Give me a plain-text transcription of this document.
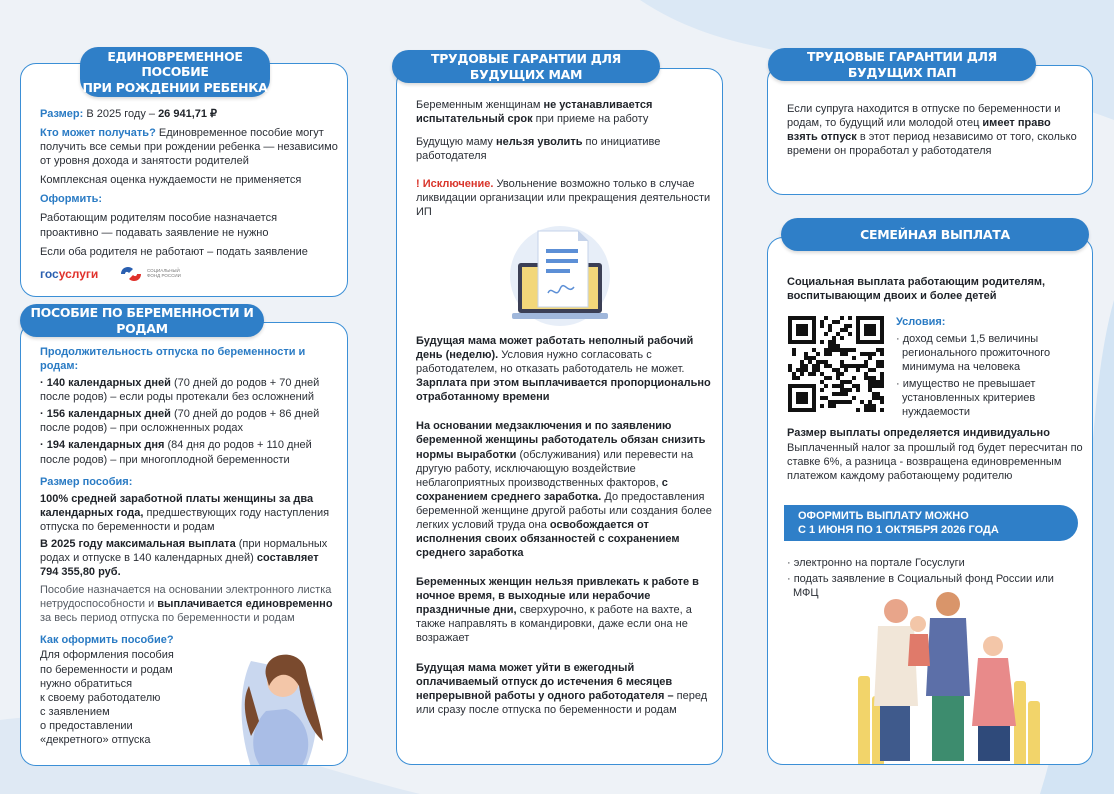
Размер: В 2025 году – 26 941,71 ₽

Кто может получать? Единовременное пособие могут получить все семьи при рождении ребенка — независимо от уровня дохода и занятости родителей

Комплексная оценка нуждаемости не применяется

Оформить:

Работающим родителям пособие назначается проактивно — подавать заявление не нужно

Если оба родителя не работают – подать заявление

госуслуги	СОЦИАЛЬНЫЙ ФОНД РОССИИ
ЕДИНОВРЕМЕННОЕ ПОСОБИЕ
ПРИ РОЖДЕНИИ РЕБЕНКА

Продолжительность отпуска по беременности и родам:

· 140 календарных дней (70 дней до родов + 70 дней после родов) – если роды протекали без осложнений

· 156 календарных дней (70 дней до родов + 86 дней после родов) – при осложненных родах

· 194 календарных дня (84 дня до родов + 110 дней после родов) – при многоплодной беременности

Размер пособия:

100% средней заработной платы женщины за два календарных года, предшествующих году наступления отпуска по беременности и родам

В 2025 году максимальная выплата (при нормальных родах и отпуске в 140 календарных дней) составляет 794 355,80 руб.

Пособие назначается на основании электронного листка нетрудоспособности и выплачивается единовременно за весь период отпуска по беременности и родам

Как оформить пособие?

Для оформления пособия
по беременности и родам
нужно обратиться
к своему работодателю
с заявлением
о предоставлении
«декретного» отпуска
ПОСОБИЕ ПО БЕРЕМЕННОСТИ И РОДАМ

Беременным женщинам не устанавливается испытательный срок при приеме на работу

Будущую маму нельзя уволить по инициативе работодателя

! Исключение. Увольнение возможно только в случае ликвидации организации или прекращения деятельности ИП

Будущая мама может работать неполный рабочий день (неделю). Условия нужно согласовать с работодателем, но отказать работодатель не может. Зарплата при этом выплачивается пропорционально отработанному времени

На основании медзаключения и по заявлению беременной женщины работодатель обязан снизить нормы выработки (обслуживания) или перевести на другую работу, исключающую воздействие неблагоприятных производственных факторов, с сохранением среднего заработка. До предоставления беременной женщине другой работы или создания более легких условий труда она освобождается от исполнения своих обязанностей с сохранением среднего заработка

Беременных женщин нельзя привлекать к работе в ночное время, в выходные или нерабочие праздничные дни, сверхурочно, к работе на вахте, а также направлять в командировки, даже если она не возражает

Будущая мама может уйти в ежегодный оплачиваемый отпуск до истечения 6 месяцев непрерывной работы у одного работодателя – перед или сразу после отпуска по беременности и родам

ТРУДОВЫЕ ГАРАНТИИ ДЛЯ БУДУЩИХ МАМ

Если супруга находится в отпуске по беременности и родам, то будущий или молодой отец имеет право взять отпуск в этот период независимо от того, сколько времени он проработал у работодателя

ТРУДОВЫЕ ГАРАНТИИ ДЛЯ БУДУЩИХ ПАП

Социальная выплата работающим родителям, воспитывающим двоих и более детей

Условия:

· доход семьи 1,5 величины регионального прожиточного минимума на человека

· имущество не превышает установленных критериев нуждаемости

Размер выплаты определяется индивидуально

Выплаченный налог за прошлый год будет пересчитан по ставке 6%, а разница - возвращена единовременным платежом каждому работающему родителю

ОФОРМИТЬ ВЫПЛАТУ МОЖНО
С 1 ИЮНЯ ПО 1 ОКТЯБРЯ 2026 ГОДА

· электронно на портале Госуслуги

· подать заявление в Социальный фонд России или МФЦ

СЕМЕЙНАЯ ВЫПЛАТА
